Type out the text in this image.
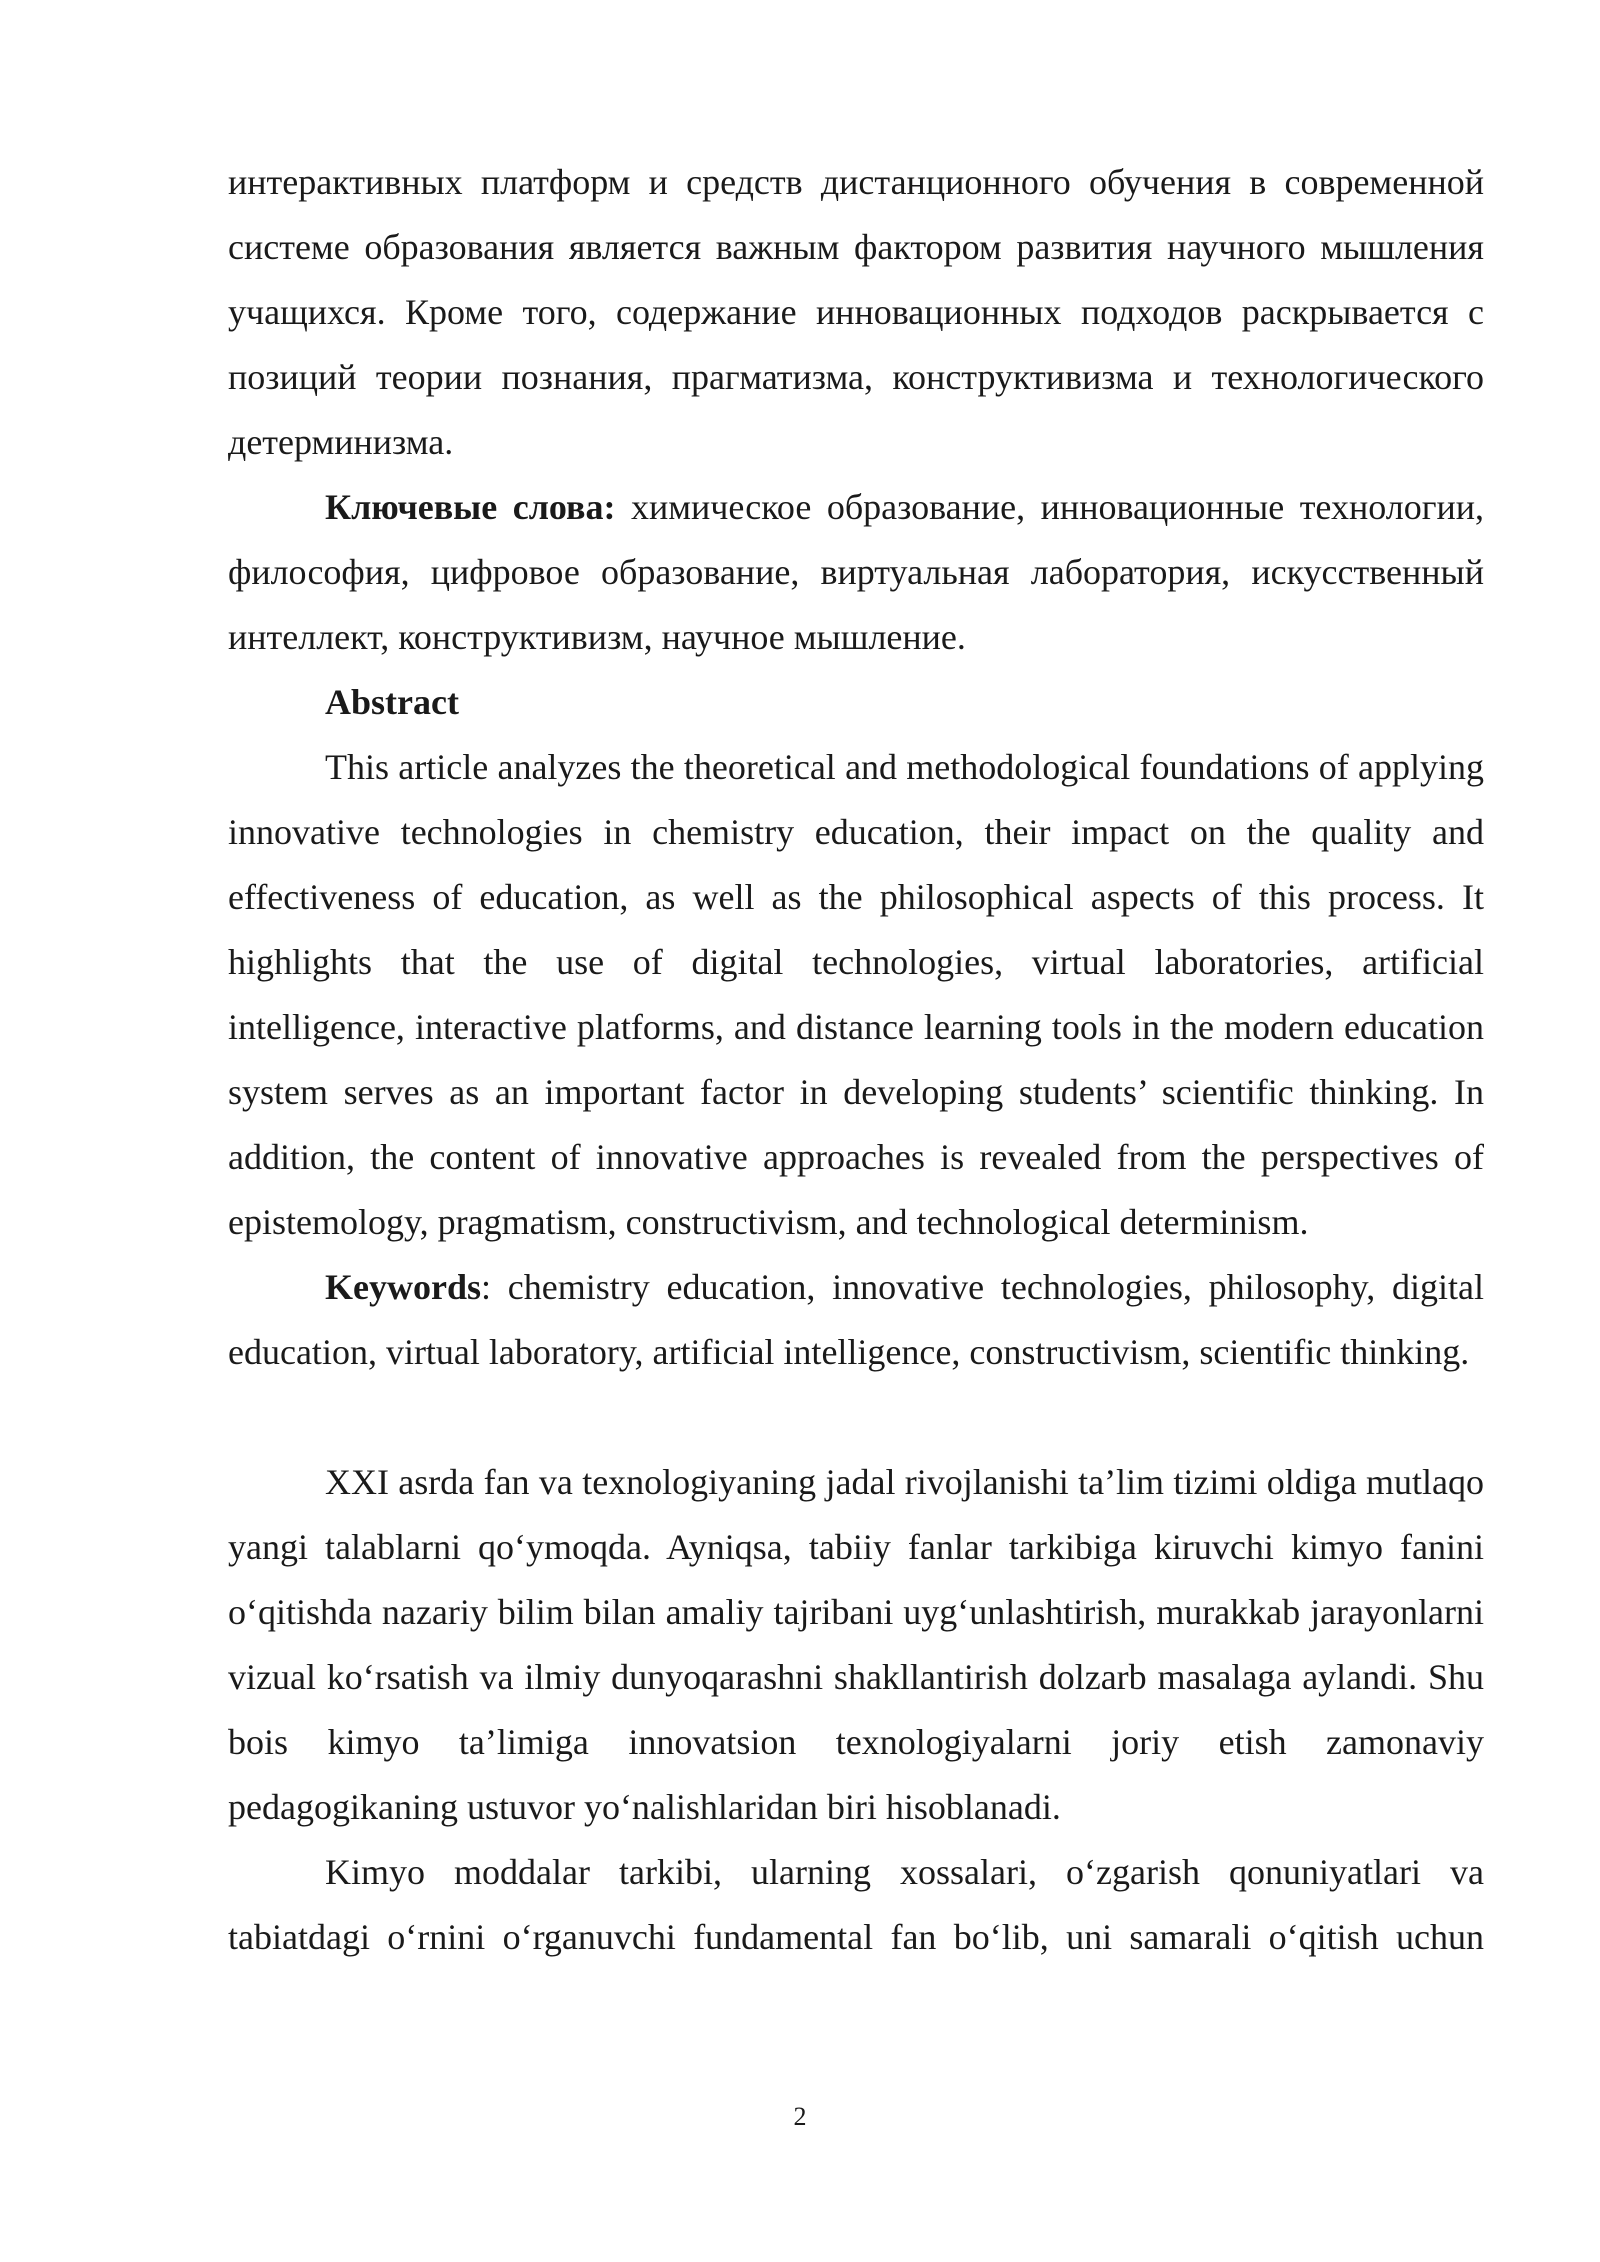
интерактивных платформ и средств дистанционного обучения в современной системе образования является важным фактором развития научного мышления учащихся. Кроме того, содержание инновационных подходов раскрывается с позиций теории познания, прагматизма, конструктивизма и технологического детерминизма.

Ключевые слова: химическое образование, инновационные технологии, философия, цифровое образование, виртуальная лаборатория, искусственный интеллект, конструктивизм, научное мышление.

Abstract

This article analyzes the theoretical and methodological foundations of applying innovative technologies in chemistry education, their impact on the quality and effectiveness of education, as well as the philosophical aspects of this process. It highlights that the use of digital technologies, virtual laboratories, artificial intelligence, interactive platforms, and distance learning tools in the modern education system serves as an important factor in developing students’ scientific thinking. In addition, the content of innovative approaches is revealed from the perspectives of epistemology, pragmatism, constructivism, and technological determinism.

Keywords: chemistry education, innovative technologies, philosophy, digital education, virtual laboratory, artificial intelligence, constructivism, scientific thinking.

XXI asrda fan va texnologiyaning jadal rivojlanishi ta’lim tizimi oldiga mutlaqo yangi talablarni qo‘ymoqda. Ayniqsa, tabiiy fanlar tarkibiga kiruvchi kimyo fanini o‘qitishda nazariy bilim bilan amaliy tajribani uyg‘unlashtirish, murakkab jarayonlarni vizual ko‘rsatish va ilmiy dunyoqarashni shakllantirish dolzarb masalaga aylandi. Shu bois kimyo ta’limiga innovatsion texnologiyalarni joriy etish zamonaviy pedagogikaning ustuvor yo‘nalishlaridan biri hisoblanadi.

Kimyo moddalar tarkibi, ularning xossalari, o‘zgarish qonuniyatlari va tabiatdagi o‘rnini o‘rganuvchi fundamental fan bo‘lib, uni samarali o‘qitish uchun

2
